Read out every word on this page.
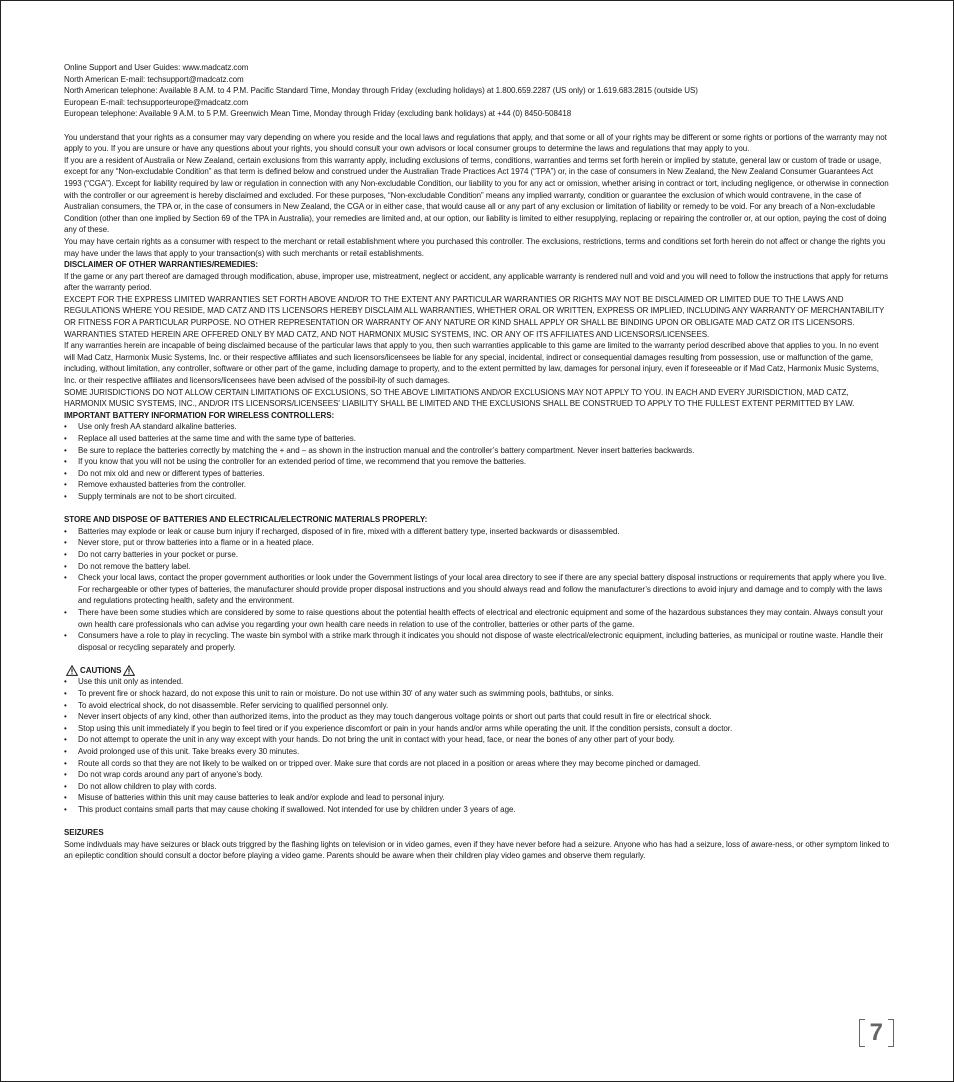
Online Support and User Guides: www.madcatz.com

North American E-mail: techsupport@madcatz.com

North American telephone: Available 8 A.M. to 4 P.M. Pacific Standard Time, Monday through Friday (excluding holidays) at 1.800.659.2287 (US only) or 1.619.683.2815 (outside US)

European E-mail: techsupporteurope@madcatz.com

European telephone: Available 9 A.M. to 5 P.M. Greenwich Mean Time, Monday through Friday (excluding bank holidays) at +44 (0) 8450-508418

You understand that your rights as a consumer may vary depending on where you reside and the local laws and regulations that apply, and that some or all of your rights may be different or some rights or portions of the warranty may not apply to you. If you are unsure or have any questions about your rights, you should consult your own advisors or local consumer groups to determine the laws and regulations that may apply to you.

If you are a resident of Australia or New Zealand, certain exclusions from this warranty apply, including exclusions of terms, conditions, warranties and terms set forth herein or implied by statute, general law or custom of trade or usage, except for any “Non-excludable Condition” as that term is defined below and construed under the Australian Trade Practices Act 1974 (“TPA”) or, in the case of consumers in New Zealand, the New Zealand Consumer Guarantees Act 1993 (“CGA”). Except for liability required by law or regulation in connection with any Non-excludable Condition, our liability to you for any act or omission, whether arising in contract or tort, including negligence, or otherwise in connection with the controller or our agreement is hereby disclaimed and excluded. For these purposes, “Non-excludable Condition” means any implied warranty, condition or guarantee the exclusion of which would contravene, in the case of Australian consumers, the TPA or, in the case of consumers in New Zealand, the CGA or in either case, that would cause all or any part of any exclusion or limitation of liability or remedy to be void. For any breach of a Non-excludable Condition (other than one implied by Section 69 of the TPA in Australia), your remedies are limited and, at our option, our liability is limited to either resupplying, replacing or repairing the controller or, at our option, paying the cost of doing any of these.

You may have certain rights as a consumer with respect to the merchant or retail establishment where you purchased this controller. The exclusions, restrictions, terms and conditions set forth herein do not affect or change the rights you may have under the laws that apply to your transaction(s) with such merchants or retail establishments.

DISCLAIMER OF OTHER WARRANTIES/REMEDIES:

If the game or any part thereof are damaged through modification, abuse, improper use, mistreatment, neglect or accident, any applicable warranty is rendered null and void and you will need to follow the instructions that apply for returns after the warranty period.

EXCEPT FOR THE EXPRESS LIMITED WARRANTIES SET FORTH ABOVE AND/OR TO THE EXTENT ANY PARTICULAR WARRANTIES OR RIGHTS MAY NOT BE DISCLAIMED OR LIMITED DUE TO THE LAWS AND REGULATIONS WHERE YOU RESIDE, MAD CATZ AND ITS LICENSORS HEREBY DISCLAIM ALL WARRANTIES, WHETHER ORAL OR WRITTEN, EXPRESS OR IMPLIED, INCLUDING ANY WARRANTY OF MERCHANTABILITY OR FITNESS FOR A PARTICULAR PURPOSE. NO OTHER REPRESENTATION OR WARRANTY OF ANY NATURE OR KIND SHALL APPLY OR SHALL BE BINDING UPON OR OBLIGATE MAD CATZ OR ITS LICENSORS.

WARRANTIES STATED HEREIN ARE OFFERED ONLY BY MAD CATZ, AND NOT HARMONIX MUSIC SYSTEMS, INC. OR ANY OF ITS AFFILIATES AND LICENSORS/LICENSEES.

If any warranties herein are incapable of being disclaimed because of the particular laws that apply to you, then such warranties applicable to this game are limited to the warranty period described above that applies to you. In no event will Mad Catz, Harmonix Music Systems, Inc. or their respective affiliates and such licensors/licensees be liable for any special, incidental, indirect or consequential damages resulting from possession, use or malfunction of the game, including, without limitation, any controller, software or other part of the game, including damage to property, and to the extent permitted by law, damages for personal injury, even if foreseeable or if Mad Catz, Harmonix Music Systems, Inc. or their respective affiliates and licensors/licensees have been advised of the possibil-ity of such damages.

SOME JURISDICTIONS DO NOT ALLOW CERTAIN LIMITATIONS OF EXCLUSIONS, SO THE ABOVE LIMITATIONS AND/OR EXCLUSIONS MAY NOT APPLY TO YOU. IN EACH AND EVERY JURISDICTION, MAD CATZ, HARMONIX MUSIC SYSTEMS, INC., AND/OR ITS LICENSORS/LICENSEES' LIABILITY SHALL BE LIMITED AND THE EXCLUSIONS SHALL BE CONSTRUED TO APPLY TO THE FULLEST EXTENT PERMITTED BY LAW.

IMPORTANT BATTERY INFORMATION FOR WIRELESS CONTROLLERS:

• Use only fresh AA standard alkaline batteries.
• Replace all used batteries at the same time and with the same type of batteries.
• Be sure to replace the batteries correctly by matching the + and – as shown in the instruction manual and the controller’s battery compartment. Never insert batteries backwards.
• If you know that you will not be using the controller for an extended period of time, we recommend that you remove the batteries.
• Do not mix old and new or different types of batteries.
• Remove exhausted batteries from the controller.
• Supply terminals are not to be short circuited.

STORE AND DISPOSE OF BATTERIES AND ELECTRICAL/ELECTRONIC MATERIALS PROPERLY:

• Batteries may explode or leak or cause burn injury if recharged, disposed of in fire, mixed with a different battery type, inserted backwards or disassembled.
• Never store, put or throw batteries into a flame or in a heated place.
• Do not carry batteries in your pocket or purse.
• Do not remove the battery label.
• Check your local laws, contact the proper government authorities or look under the Government listings of your local area directory to see if there are any special battery disposal instructions or requirements that apply where you live. For rechargeable or other types of batteries, the manufacturer should provide proper disposal instructions and you should always read and follow the manufacturer’s directions to avoid injury and damage and to comply with the laws and regulations protecting health, safety and the environment.
• There have been some studies which are considered by some to raise questions about the potential health effects of electrical and electronic equipment and some of the hazardous substances they may contain. Always consult your own health care professionals who can advise you regarding your own health care needs in relation to use of the controller, batteries or other parts of the game.
• Consumers have a role to play in recycling. The waste bin symbol with a strike mark through it indicates you should not dispose of waste electrical/electronic equipment, including batteries, as municipal or routine waste. Handle their disposal or recycling separately and properly.
CAUTIONS
• Use this unit only as intended.
• To prevent fire or shock hazard, do not expose this unit to rain or moisture. Do not use within 30' of any water such as swimming pools, bathtubs, or sinks.
• To avoid electrical shock, do not disassemble. Refer servicing to qualified personnel only.
• Never insert objects of any kind, other than authorized items, into the product as they may touch dangerous voltage points or short out parts that could result in fire or electrical shock.
• Stop using this unit immediately if you begin to feel tired or if you experience discomfort or pain in your hands and/or arms while operating the unit. If the condition persists, consult a doctor.
• Do not attempt to operate the unit in any way except with your hands. Do not bring the unit in contact with your head, face, or near the bones of any other part of your body.
• Avoid prolonged use of this unit. Take breaks every 30 minutes.
• Route all cords so that they are not likely to be walked on or tripped over. Make sure that cords are not placed in a position or areas where they may become pinched or damaged.
• Do not wrap cords around any part of anyone’s body.
• Do not allow children to play with cords.
• Misuse of batteries within this unit may cause batteries to leak and/or explode and lead to personal injury.
• This product contains small parts that may cause choking if swallowed. Not intended for use by children under 3 years of age.

SEIZURES

Some indivduals may have seizures or black outs triggred by the flashing lights on television or in video games, even if they have never before had a seizure. Anyone who has had a seizure, loss of aware-ness, or other symptom linked to an epileptic condition should consult a doctor before playing a video game. Parents should be aware when their children play video games and observe them regularly.

7
